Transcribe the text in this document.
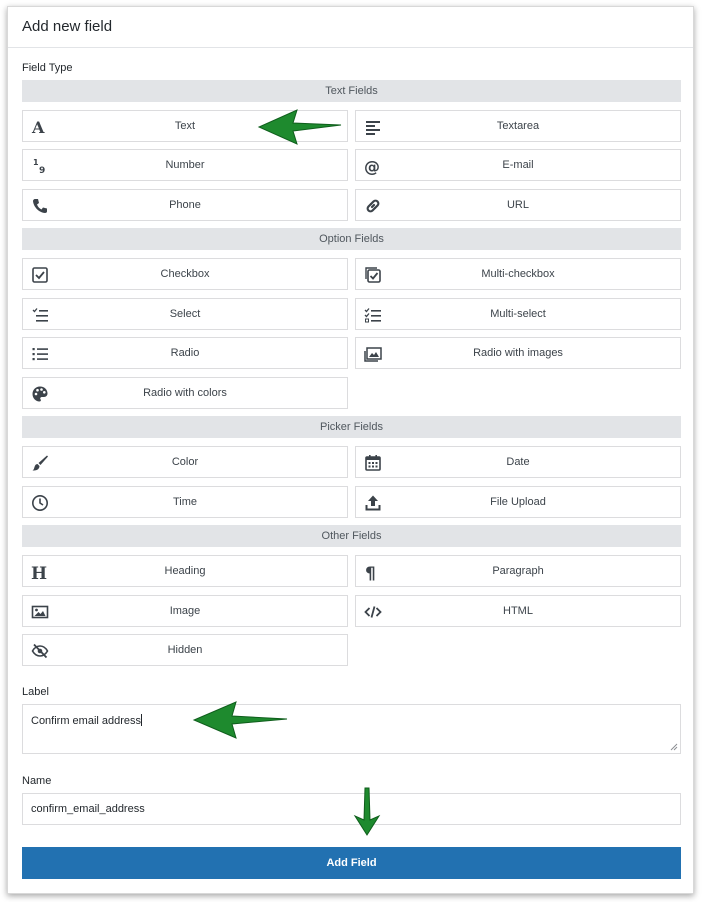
Add new field
Field Type
Text Fields
A	Text	Textarea
1
9	Number	@	E-mail
Phone	URL
Option Fields
Checkbox	Multi-checkbox
Select	Multi-select
Radio	Radio with images
Radio with colors
Picker Fields
Color	Date
Time	File Upload
Other Fields
H	Heading	¶	Paragraph
Image	HTML
Hidden
Label
Confirm email address
Name
confirm_email_address
Add Field
